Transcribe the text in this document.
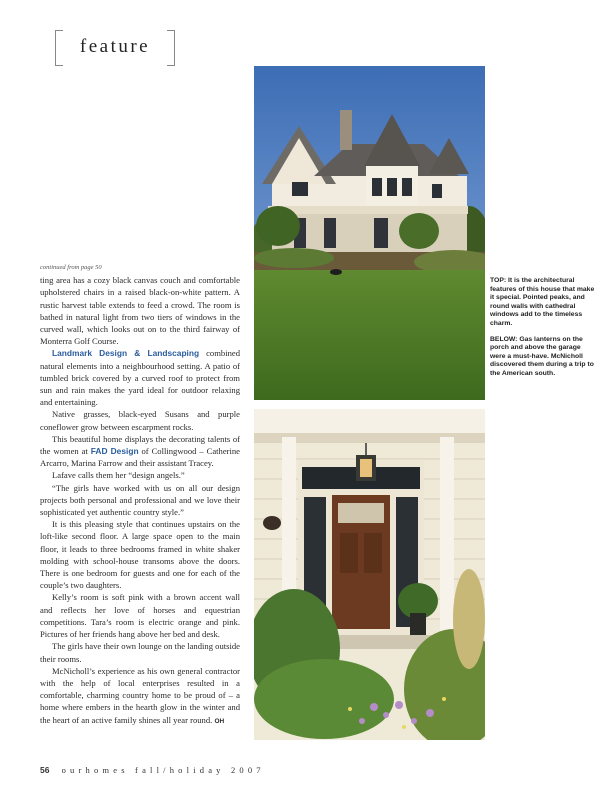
feature

TOP: It is the architectural features of this house that make it special. Pointed peaks, and round walls with cathedral windows add to the timeless charm.

BELOW: Gas lanterns on the porch and above the garage were a must-have. McNicholl discovered them during a trip to the American south.

continued from page 50

ting area has a cozy black canvas couch and comfortable upholstered chairs in a raised black-on-white pattern. A rustic harvest table extends to feed a crowd. The room is bathed in natural light from two tiers of windows in the curved wall, which looks out on to the third fairway of Monterra Golf Course.

Landmark Design & Landscaping combined natural elements into a neighbourhood setting. A patio of tumbled brick covered by a curved roof to protect from sun and rain makes the yard ideal for outdoor relaxing and entertaining.

Native grasses, black-eyed Susans and purple coneflower grow between escarpment rocks.

This beautiful home displays the decorating talents of the women at FAD Design of Collingwood – Catherine Arcarro, Marina Farrow and their assistant Tracey.

Lafave calls them her “design angels.”

“The girls have worked with us on all our design projects both personal and professional and we love their sophisticated yet authentic country style.”

It is this pleasing style that continues upstairs on the loft-like second floor. A large space open to the main floor, it leads to three bedrooms framed in white shaker molding with school-house transoms above the doors. There is one bedroom for guests and one for each of the couple’s two daughters.

Kelly’s room is soft pink with a brown accent wall and reflects her love of horses and equestrian competitions. Tara’s room is electric orange and pink. Pictures of her friends hang above her bed and desk.

The girls have their own lounge on the landing outside their rooms.

McNicholl’s experience as his own general contractor with the help of local enterprises resulted in a comfortable, charming country home to be proud of – a home where embers in the hearth glow in the winter and the heart of an active family shines all year round. OH

56 ourhomes fall/holiday 2007
